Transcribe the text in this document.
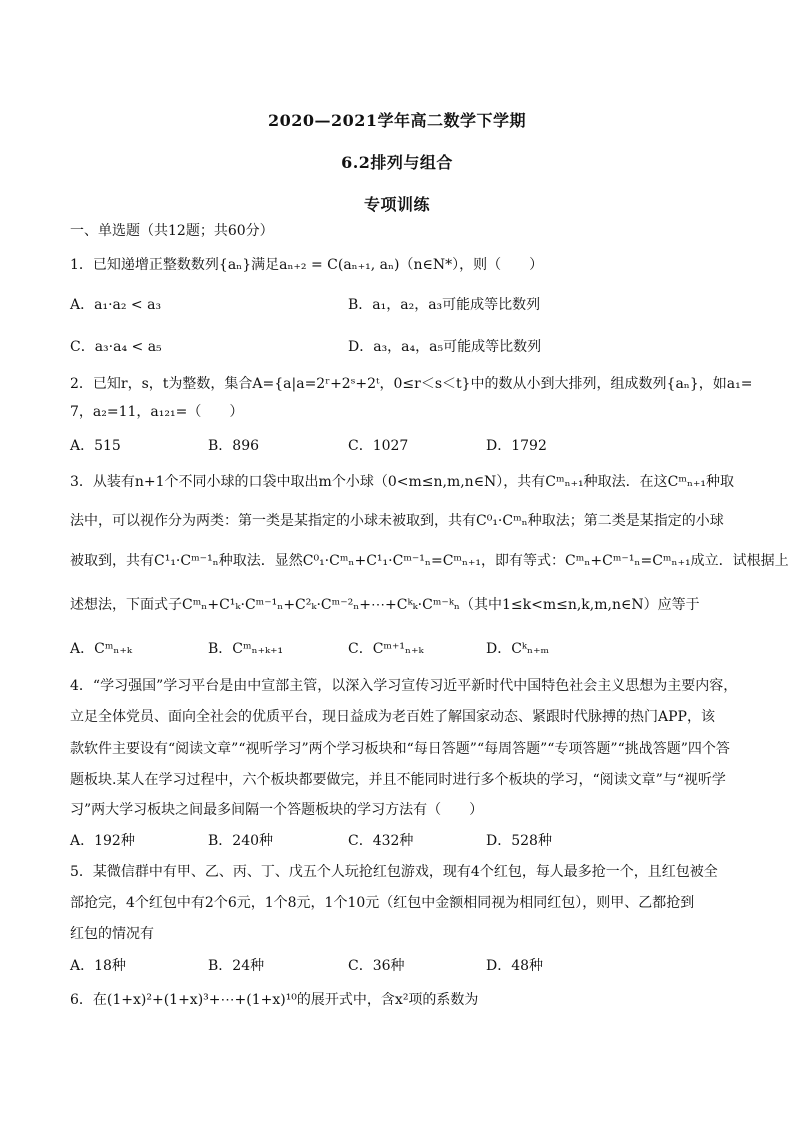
2020—2021学年高二数学下学期
6.2排列与组合
专项训练
一、单选题（共12题；共60分）
1．已知递增正整数数列{aₙ}满足aₙ₊₂ = C(aₙ₊₁, aₙ)（n∈N*），则（　　）
A．a₁·a₂ < a₃	B．a₁，a₂，a₃可能成等比数列
C．a₃·a₄ < a₅	D．a₃，a₄，a₅可能成等比数列
2．已知r，s，t为整数，集合A={a|a=2ʳ+2ˢ+2ᵗ，0≤r＜s＜t}中的数从小到大排列，组成数列{aₙ}，如a₁=
7，a₂=11，a₁₂₁=（　　）
A．515	B．896	C．1027	D．1792
3．从装有n+1个不同小球的口袋中取出m个小球（0<m≤n,m,n∈N），共有Cᵐₙ₊₁种取法．在这Cᵐₙ₊₁种取
法中，可以视作分为两类：第一类是某指定的小球未被取到，共有C⁰₁·Cᵐₙ种取法；第二类是某指定的小球
被取到，共有C¹₁·Cᵐ⁻¹ₙ种取法．显然C⁰₁·Cᵐₙ+C¹₁·Cᵐ⁻¹ₙ=Cᵐₙ₊₁，即有等式：Cᵐₙ+Cᵐ⁻¹ₙ=Cᵐₙ₊₁成立．试根据上
述想法，下面式子Cᵐₙ+C¹ₖ·Cᵐ⁻¹ₙ+C²ₖ·Cᵐ⁻²ₙ+⋯+Cᵏₖ·Cᵐ⁻ᵏₙ（其中1≤k<m≤n,k,m,n∈N）应等于
A．Cᵐₙ₊ₖ	B．Cᵐₙ₊ₖ₊₁	C．Cᵐ⁺¹ₙ₊ₖ	D．Cᵏₙ₊ₘ
4．“学习强国”学习平台是由中宣部主管，以深入学习宣传习近平新时代中国特色社会主义思想为主要内容，
立足全体党员、面向全社会的优质平台，现日益成为老百姓了解国家动态、紧跟时代脉搏的热门APP，该
款软件主要设有“阅读文章”“视听学习”两个学习板块和“每日答题”“每周答题”“专项答题”“挑战答题”四个答
题板块.某人在学习过程中，六个板块都要做完，并且不能同时进行多个板块的学习，“阅读文章”与“视听学
习”两大学习板块之间最多间隔一个答题板块的学习方法有（　　）
A．192种	B．240种	C．432种	D．528种
5．某微信群中有甲、乙、丙、丁、戊五个人玩抢红包游戏，现有4个红包，每人最多抢一个，且红包被全
部抢完，4个红包中有2个6元，1个8元，1个10元（红包中金额相同视为相同红包），则甲、乙都抢到
红包的情况有
A．18种	B．24种	C．36种	D．48种
6．在(1+x)²+(1+x)³+⋯+(1+x)¹⁰的展开式中，含x²项的系数为
